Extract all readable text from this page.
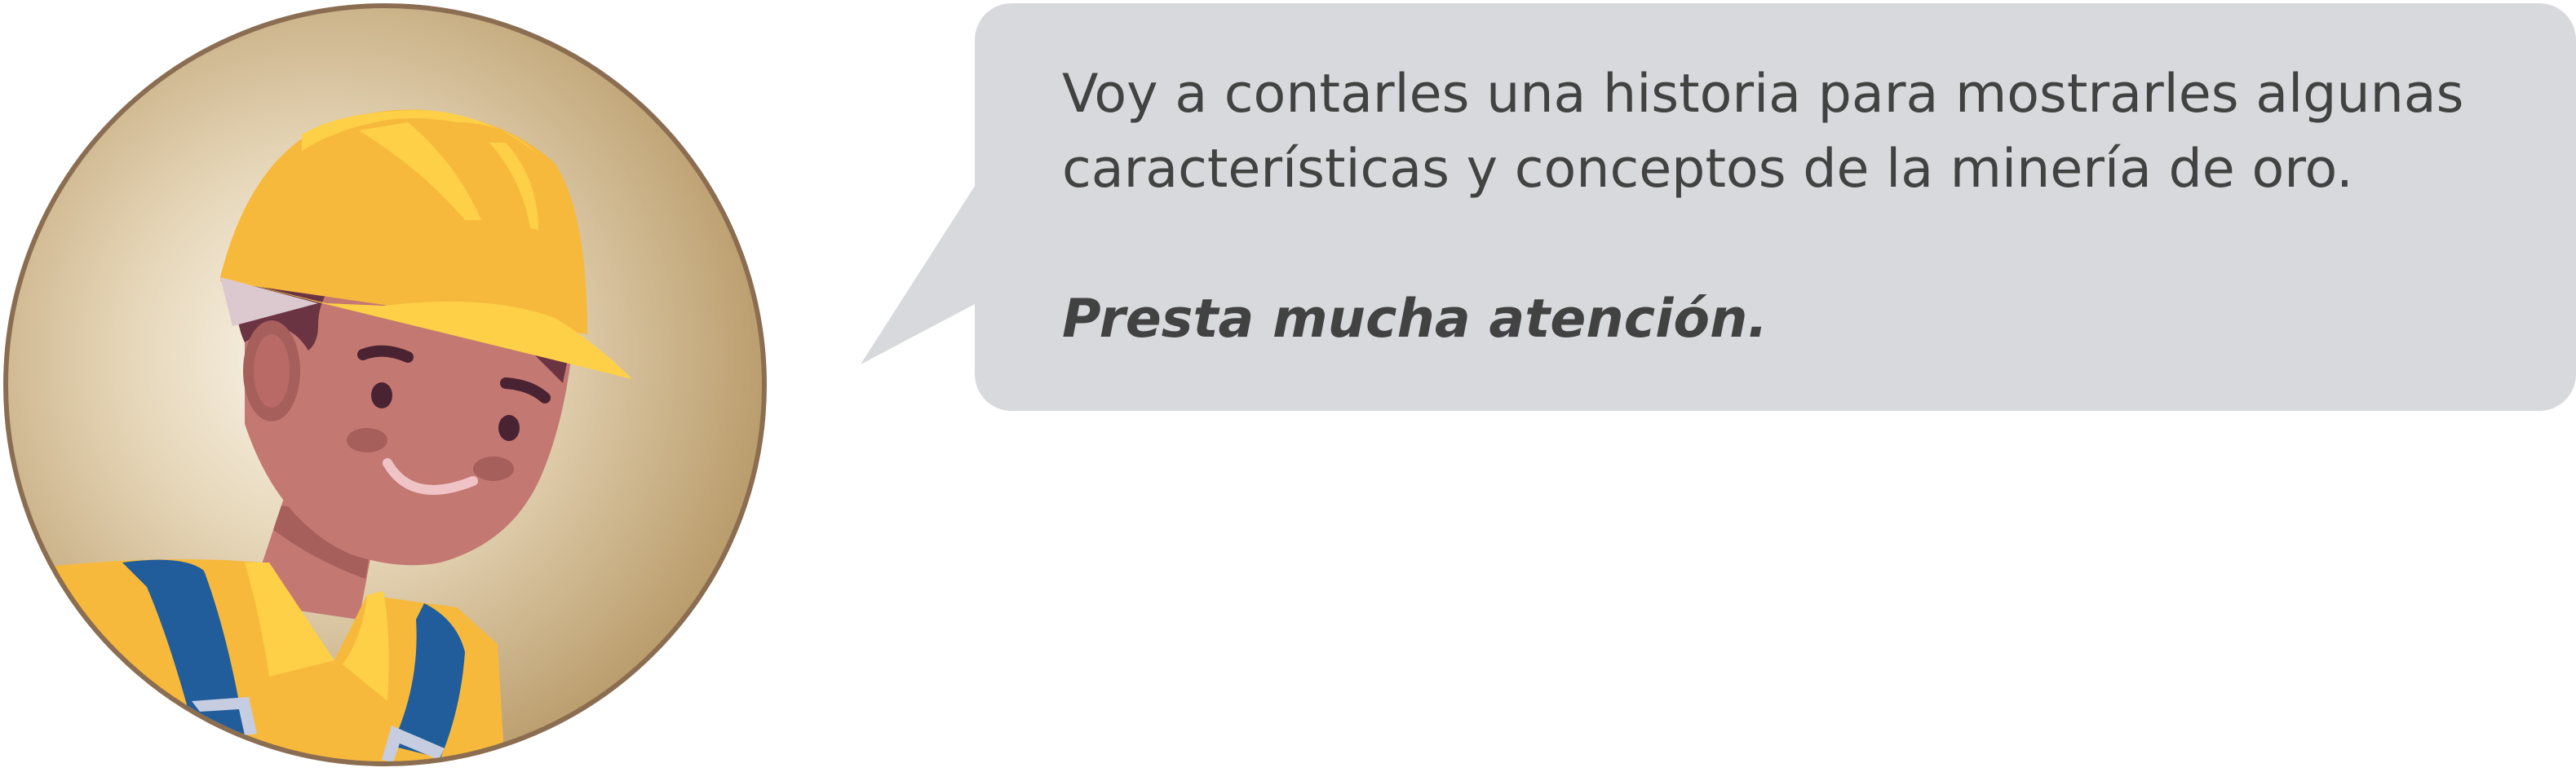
Voy a contarles una historia para mostrarles algunas características y conceptos de la minería de oro.

Presta mucha atención.
